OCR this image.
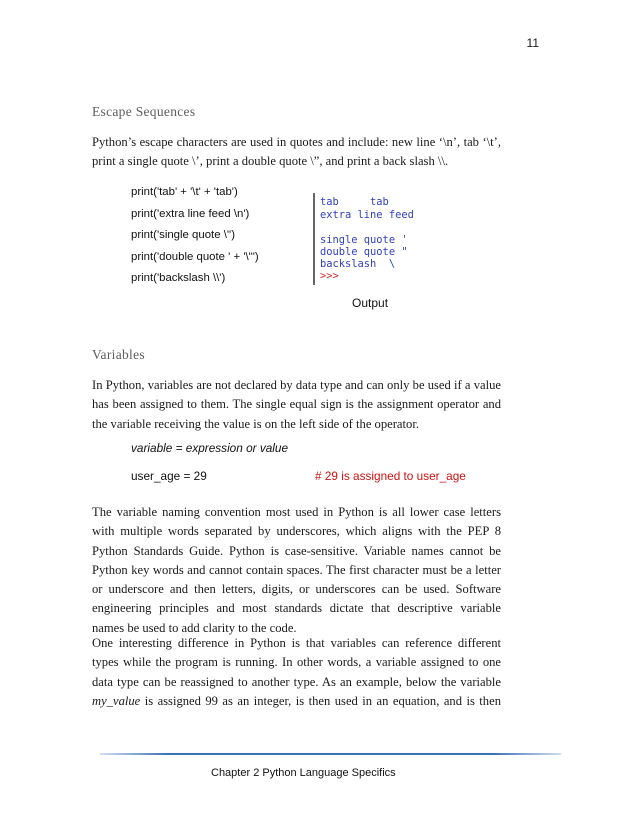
11
Escape Sequences
Python’s escape characters are used in quotes and include: new line ‘\n’, tab ‘\t’,
print a single quote \’, print a double quote \”, and print a back slash \\.
print('tab' + '\t' + 'tab')
print('extra line feed \n')
print('single quote \'')
print('double quote ' + '\"')
print('backslash \\')
tab     tab
extra line feed
single quote '
double quote "
backslash  \
>>>
Output
Variables
In Python, variables are not declared by data type and can only be used if a value
has been assigned to them. The single equal sign is the assignment operator and
the variable receiving the value is on the left side of the operator.
variable = expression or value
user_age = 29	# 29 is assigned to user_age
The variable naming convention most used in Python is all lower case letters
with multiple words separated by underscores, which aligns with the PEP 8
Python Standards Guide. Python is case-sensitive. Variable names cannot be
Python key words and cannot contain spaces. The first character must be a letter
or underscore and then letters, digits, or underscores can be used. Software
engineering principles and most standards dictate that descriptive variable
names be used to add clarity to the code.
One interesting difference in Python is that variables can reference different
types while the program is running. In other words, a variable assigned to one
data type can be reassigned to another type. As an example, below the variable
my_value is assigned 99 as an integer, is then used in an equation, and is then
Chapter 2 Python Language Specifics
